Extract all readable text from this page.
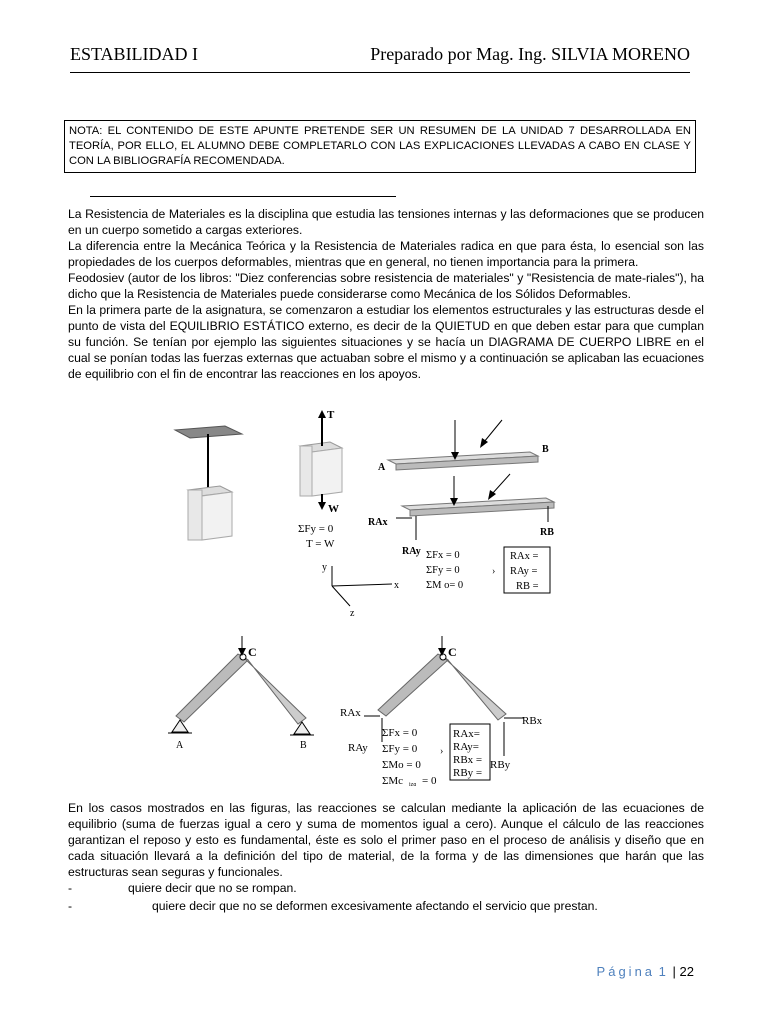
ESTABILIDAD I	Preparado por Mag. Ing. SILVIA MORENO
NOTA: EL CONTENIDO DE ESTE APUNTE PRETENDE SER UN RESUMEN DE LA UNIDAD 7 DESARROLLADA EN TEORÍA, POR ELLO, EL ALUMNO DEBE COMPLETARLO CON LAS EXPLICACIONES LLEVADAS A CABO EN CLASE Y CON LA BIBLIOGRAFÍA RECOMENDADA.

La Resistencia de Materiales es la disciplina que estudia las tensiones internas y las deformaciones que se producen en un cuerpo sometido a cargas exteriores.

La diferencia entre la Mecánica Teórica y la Resistencia de Materiales radica en que para ésta, lo esencial son las propiedades de los cuerpos deformables, mientras que en general, no tienen importancia para la primera.

Feodosiev (autor de los libros: "Diez conferencias sobre resistencia de materiales" y "Resistencia de mate-riales"), ha dicho que la Resistencia de Materiales puede considerarse como Mecánica de los Sólidos Deformables.

En la primera parte de la asignatura, se comenzaron a estudiar los elementos estructurales y las estructuras desde el punto de vista del EQUILIBRIO ESTÁTICO externo, es decir de la QUIETUD en que deben estar para que cumplan su función. Se tenían por ejemplo las siguientes situaciones y se hacía un DIAGRAMA DE CUERPO LIBRE en el cual se ponían todas las fuerzas externas que actuaban sobre el mismo y a continuación se aplicaban las ecuaciones de equilibrio con el fin de encontrar las reacciones en los apoyos.

T
W
ΣFy = 0
T = W
y
x
z
A
B
RAx
RAy
RB
ΣFx = 0
ΣFy = 0
ΣM o= 0
›
RAx =
RAy =
RB =
C
A	B
C
RAx
RAy
RBx
RBy
ΣFx = 0
ΣFy = 0
ΣMo = 0
ΣMc izq = 0
›
RAx=
RAy=
RBx =
RBy =

En los casos mostrados en las figuras, las reacciones se calculan mediante la aplicación de las ecuaciones de equilibrio (suma de fuerzas igual a cero y suma de momentos igual a cero). Aunque el cálculo de las reacciones garantizan el reposo y esto es fundamental, éste es solo el primer paso en el proceso de análisis y diseño que en cada situación llevará a la definición del tipo de material, de la forma y de las dimensiones que harán que las estructuras sean seguras y funcionales.

-	quiere decir que no se rompan.

-	quiere decir que no se deformen excesivamente afectando el servicio que prestan.

Página 1 | 22
